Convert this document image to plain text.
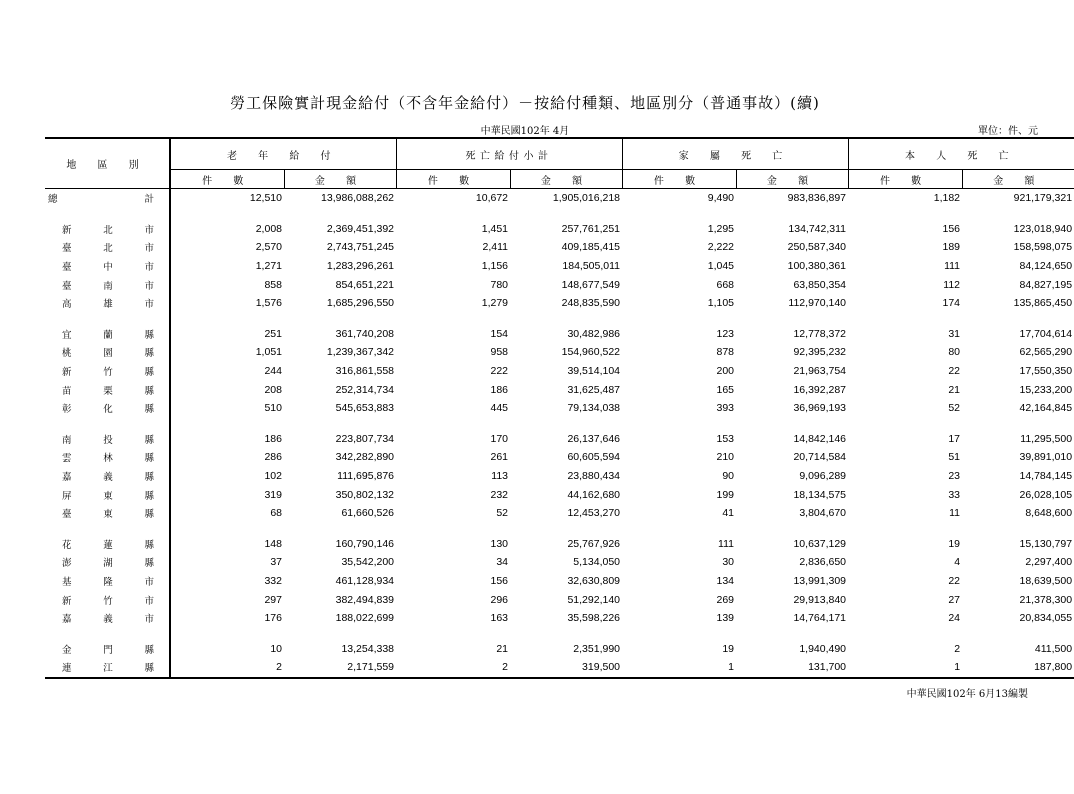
勞工保險實計現金給付（不含年金給付）－按給付種類、地區別分（普通事故）(續)
中華民國102年 4月	單位：件、元
地 區 別	老 年 給 付		死亡給付小計		家 屬 死 亡		本 人 死 亡	
	件 數	金 額	件 數	金 額	件 數	金 額	件 數	金 額

總 計	12,510	13,986,088,262	10,672	1,905,016,218	9,490	983,836,897	1,182	921,179,321

新 北 市	2,008	2,369,451,392	1,451	257,761,251	1,295	134,742,311	156	123,018,940

臺 北 市	2,570	2,743,751,245	2,411	409,185,415	2,222	250,587,340	189	158,598,075

臺 中 市	1,271	1,283,296,261	1,156	184,505,011	1,045	100,380,361	111	84,124,650

臺 南 市	858	854,651,221	780	148,677,549	668	63,850,354	112	84,827,195

高 雄 市	1,576	1,685,296,550	1,279	248,835,590	1,105	112,970,140	174	135,865,450

宜 蘭 縣	251	361,740,208	154	30,482,986	123	12,778,372	31	17,704,614

桃 園 縣	1,051	1,239,367,342	958	154,960,522	878	92,395,232	80	62,565,290

新 竹 縣	244	316,861,558	222	39,514,104	200	21,963,754	22	17,550,350

苗 栗 縣	208	252,314,734	186	31,625,487	165	16,392,287	21	15,233,200

彰 化 縣	510	545,653,883	445	79,134,038	393	36,969,193	52	42,164,845

南 投 縣	186	223,807,734	170	26,137,646	153	14,842,146	17	11,295,500

雲 林 縣	286	342,282,890	261	60,605,594	210	20,714,584	51	39,891,010

嘉 義 縣	102	111,695,876	113	23,880,434	90	9,096,289	23	14,784,145

屏 東 縣	319	350,802,132	232	44,162,680	199	18,134,575	33	26,028,105

臺 東 縣	68	61,660,526	52	12,453,270	41	3,804,670	11	8,648,600

花 蓮 縣	148	160,790,146	130	25,767,926	111	10,637,129	19	15,130,797

澎 湖 縣	37	35,542,200	34	5,134,050	30	2,836,650	4	2,297,400

基 隆 市	332	461,128,934	156	32,630,809	134	13,991,309	22	18,639,500

新 竹 市	297	382,494,839	296	51,292,140	269	29,913,840	27	21,378,300

嘉 義 市	176	188,022,699	163	35,598,226	139	14,764,171	24	20,834,055

金 門 縣	10	13,254,338	21	2,351,990	19	1,940,490	2	411,500

連 江 縣	2	2,171,559	2	319,500	1	131,700	1	187,800
中華民國102年 6月13編製
